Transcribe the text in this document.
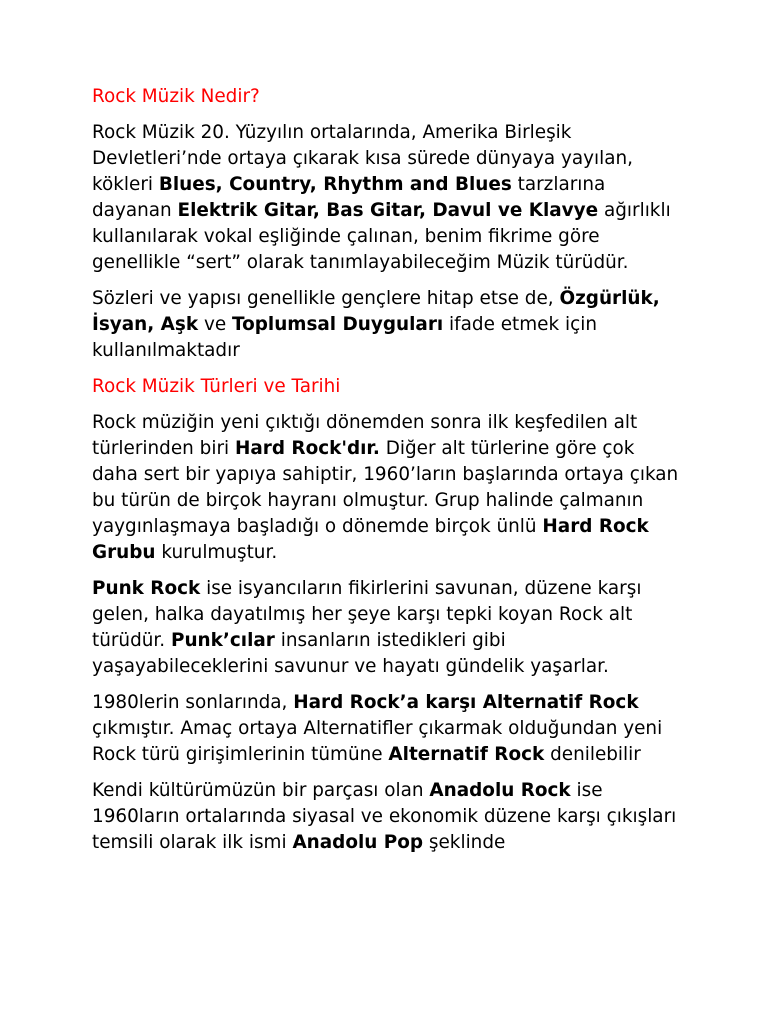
Rock Müzik Nedir?

Rock Müzik 20. Yüzyılın ortalarında, Amerika Birleşik Devletleri’nde ortaya çıkarak kısa sürede dünyaya yayılan, kökleri Blues, Country, Rhythm and Blues tarzlarına dayanan Elektrik Gitar, Bas Gitar, Davul ve Klavye ağırlıklı kullanılarak vokal eşliğinde çalınan, benim fikrime göre genellikle “sert” olarak tanımlayabileceğim Müzik türüdür.

Sözleri ve yapısı genellikle gençlere hitap etse de, Özgürlük, İsyan, Aşk ve Toplumsal Duyguları ifade etmek için kullanılmaktadır

Rock Müzik Türleri ve Tarihi

Rock müziğin yeni çıktığı dönemden sonra ilk keşfedilen alt türlerinden biri Hard Rock'dır. Diğer alt türlerine göre çok daha sert bir yapıya sahiptir, 1960’ların başlarında ortaya çıkan bu türün de birçok hayranı olmuştur. Grup halinde çalmanın yaygınlaşmaya başladığı o dönemde birçok ünlü Hard Rock Grubu kurulmuştur.

Punk Rock ise isyancıların fikirlerini savunan, düzene karşı gelen, halka dayatılmış her şeye karşı tepki koyan Rock alt türüdür. Punk’cılar insanların istedikleri gibi yaşayabileceklerini savunur ve hayatı gündelik yaşarlar.

1980lerin sonlarında, Hard Rock’a karşı Alternatif Rock çıkmıştır. Amaç ortaya Alternatifler çıkarmak olduğundan yeni Rock türü girişimlerinin tümüne Alternatif Rock denilebilir

Kendi kültürümüzün bir parçası olan Anadolu Rock ise 1960ların ortalarında siyasal ve ekonomik düzene karşı çıkışları temsili olarak ilk ismi Anadolu Pop şeklinde
